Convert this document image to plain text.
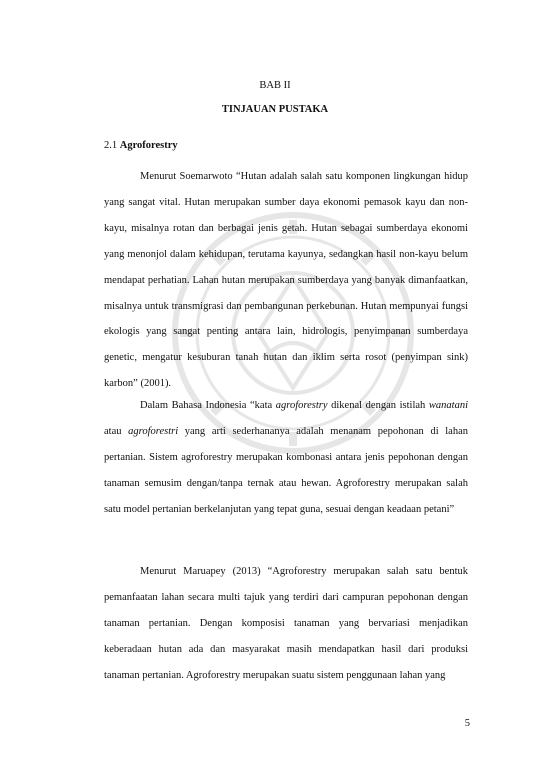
BAB II
TINJAUAN PUSTAKA
2.1 Agroforestry

Menurut Soemarwoto “Hutan adalah salah satu komponen lingkungan hidup yang sangat vital. Hutan merupakan sumber daya ekonomi pemasok kayu dan non-kayu, misalnya rotan dan berbagai jenis getah. Hutan sebagai sumberdaya ekonomi yang menonjol dalam kehidupan, terutama kayunya, sedangkan hasil non-kayu belum mendapat perhatian. Lahan hutan merupakan sumberdaya yang banyak dimanfaatkan, misalnya untuk transmigrasi dan pembangunan perkebunan. Hutan mempunyai fungsi ekologis yang sangat penting antara lain, hidrologis, penyimpanan sumberdaya genetic, mengatur kesuburan tanah hutan dan iklim serta rosot (penyimpan sink) karbon” (2001).

Dalam Bahasa Indonesia “kata agroforestry dikenal dengan istilah wanatani atau agroforestri yang arti sederhananya adalah menanam pepohonan di lahan pertanian. Sistem agroforestry merupakan kombonasi antara jenis pepohonan dengan tanaman semusim dengan/tanpa ternak atau hewan. Agroforestry merupakan salah satu model pertanian berkelanjutan yang tepat guna, sesuai dengan keadaan petani”

Menurut Maruapey (2013) “Agroforestry merupakan salah satu bentuk pemanfaatan lahan secara multi tajuk yang terdiri dari campuran pepohonan dengan tanaman pertanian. Dengan komposisi tanaman yang bervariasi menjadikan keberadaan hutan ada dan masyarakat masih mendapatkan hasil dari produksi tanaman pertanian. Agroforestry merupakan suatu sistem penggunaan lahan yang

5
